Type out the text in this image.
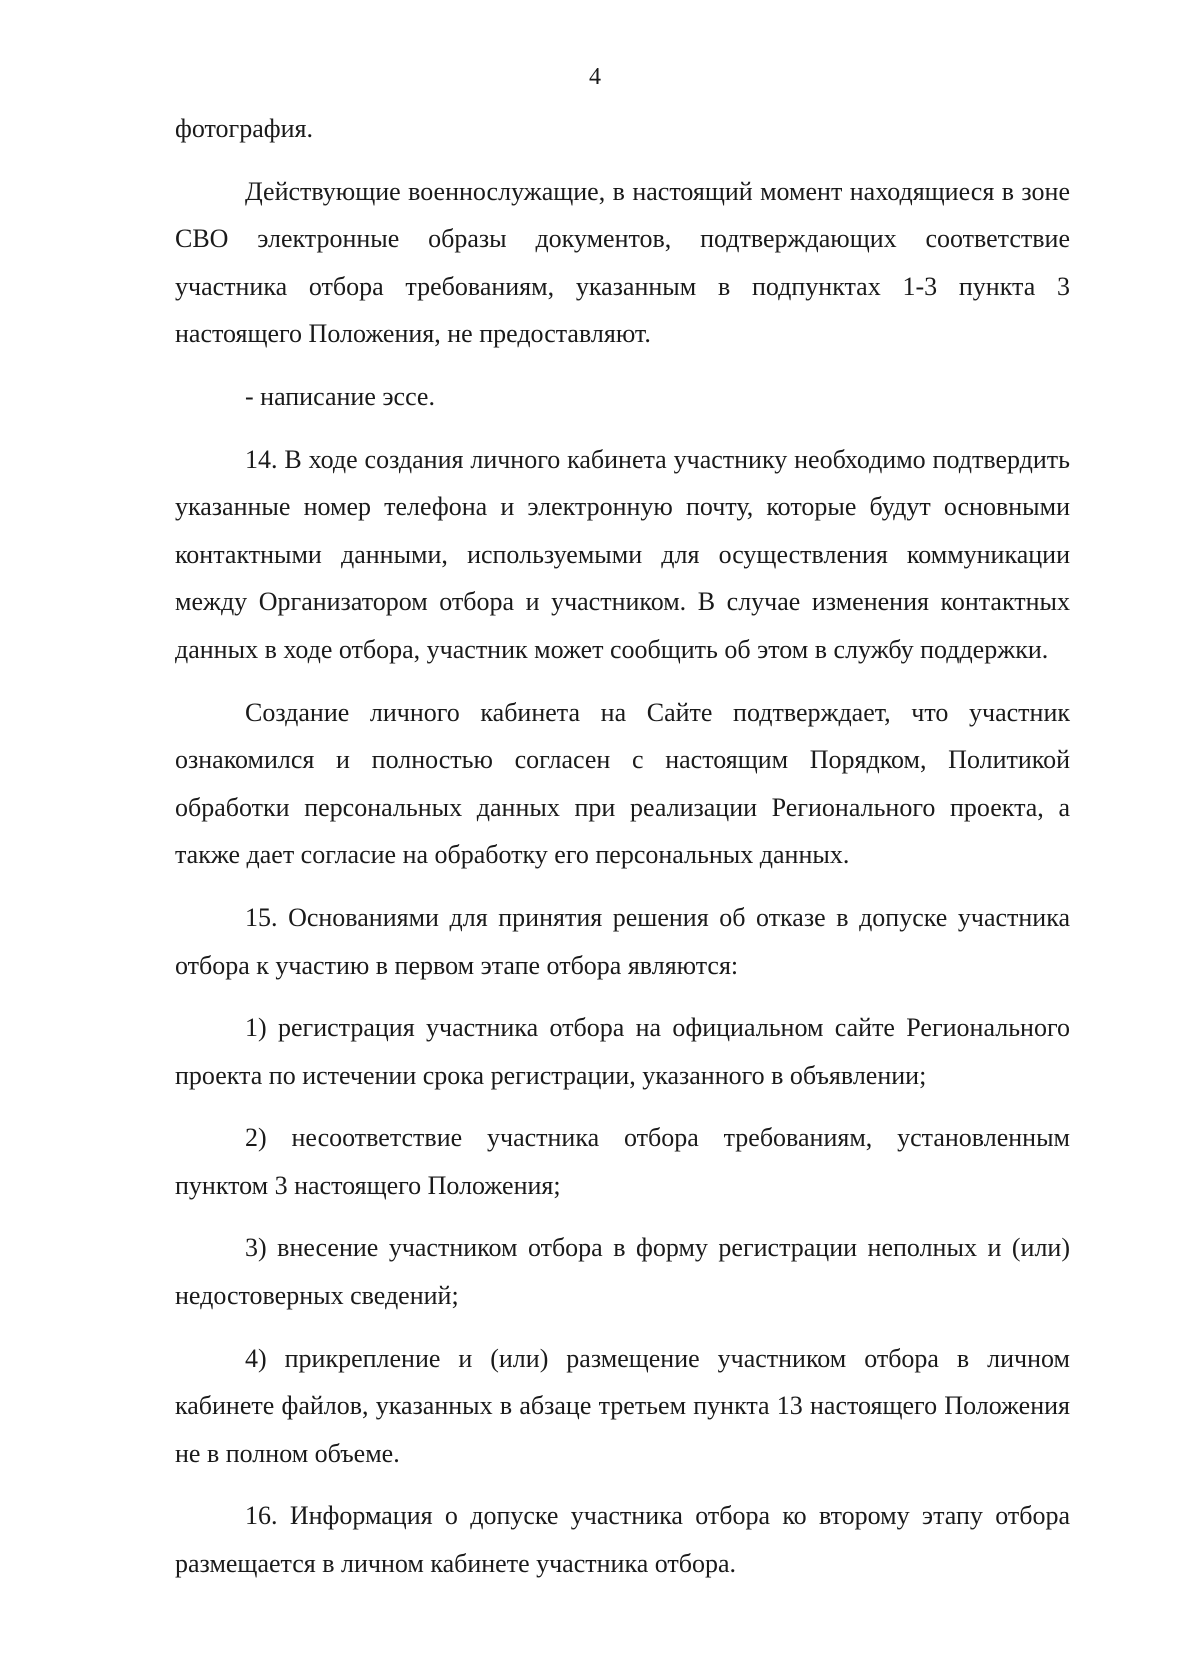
4

фотография.

Действующие военнослужащие, в настоящий момент находящиеся в зоне СВО электронные образы документов, подтверждающих соответствие участника отбора требованиям, указанным в подпунктах 1-3 пункта 3 настоящего Положения, не предоставляют.

- написание эссе.

14. В ходе создания личного кабинета участнику необходимо подтвердить указанные номер телефона и электронную почту, которые будут основными контактными данными, используемыми для осуществления коммуникации между Организатором отбора и участником. В случае изменения контактных данных в ходе отбора, участник может сообщить об этом в службу поддержки.

Создание личного кабинета на Сайте подтверждает, что участник ознакомился и полностью согласен с настоящим Порядком, Политикой обработки персональных данных при реализации Регионального проекта, а также дает согласие на обработку его персональных данных.

15. Основаниями для принятия решения об отказе в допуске участника отбора к участию в первом этапе отбора являются:

1) регистрация участника отбора на официальном сайте Регионального проекта по истечении срока регистрации, указанного в объявлении;

2) несоответствие участника отбора требованиям, установленным пунктом 3 настоящего Положения;

3) внесение участником отбора в форму регистрации неполных и (или) недостоверных сведений;

4) прикрепление и (или) размещение участником отбора в личном кабинете файлов, указанных в абзаце третьем пункта 13 настоящего Положения не в полном объеме.

16. Информация о допуске участника отбора ко второму этапу отбора размещается в личном кабинете участника отбора.
